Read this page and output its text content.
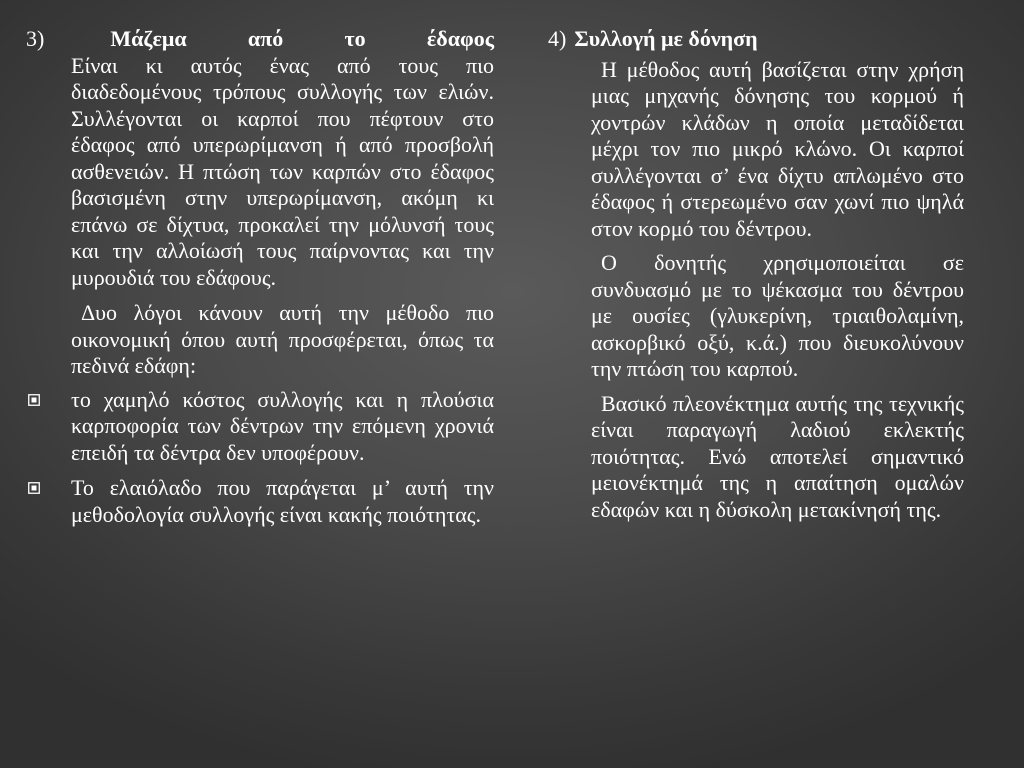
3)	Μάζεμα	από	το	έδαφος

Είναι κι αυτός ένας από τους πιο διαδεδομένους τρόπους συλλογής των ελιών. Συλλέγονται οι καρποί που πέφτουν στο έδαφος από υπερωρίμανση ή από προσβολή ασθενειών. Η πτώση των καρπών στο έδαφος βασισμένη στην υπερωρίμανση, ακόμη κι επάνω σε δίχτυα, προκαλεί την μόλυνσή τους και την αλλοίωσή τους παίρνοντας και την μυρουδιά του εδάφους.

Δυο λόγοι κάνουν αυτή την μέθοδο πιο οικονομική όπου αυτή προσφέρεται, όπως τα πεδινά εδάφη:

το χαμηλό κόστος συλλογής και η πλούσια καρποφορία των δέντρων την επόμενη χρονιά επειδή τα δέντρα δεν υποφέρουν.
Το ελαιόλαδο που παράγεται μ’ αυτή την μεθοδολογία συλλογής είναι κακής ποιότητας.
4) Συλλογή με δόνηση

Η μέθοδος αυτή βασίζεται στην χρήση μιας μηχανής δόνησης του κορμού ή χοντρών κλάδων η οποία μεταδίδεται μέχρι τον πιο μικρό κλώνο. Οι καρποί συλλέγονται σ’ ένα δίχτυ απλωμένο στο έδαφος ή στερεωμένο σαν χωνί πιο ψηλά στον κορμό του δέντρου.

Ο δονητής χρησιμοποιείται σε συνδυασμό με το ψέκασμα του δέντρου με ουσίες (γλυκερίνη, τριαιθολαμίνη, ασκορβικό οξύ, κ.ά.) που διευκολύνουν την πτώση του καρπού.

Βασικό πλεονέκτημα αυτής της τεχνικής είναι παραγωγή λαδιού εκλεκτής ποιότητας. Ενώ αποτελεί σημαντικό μειονέκτημά της η απαίτηση ομαλών εδαφών και η δύσκολη μετακίνησή της.
